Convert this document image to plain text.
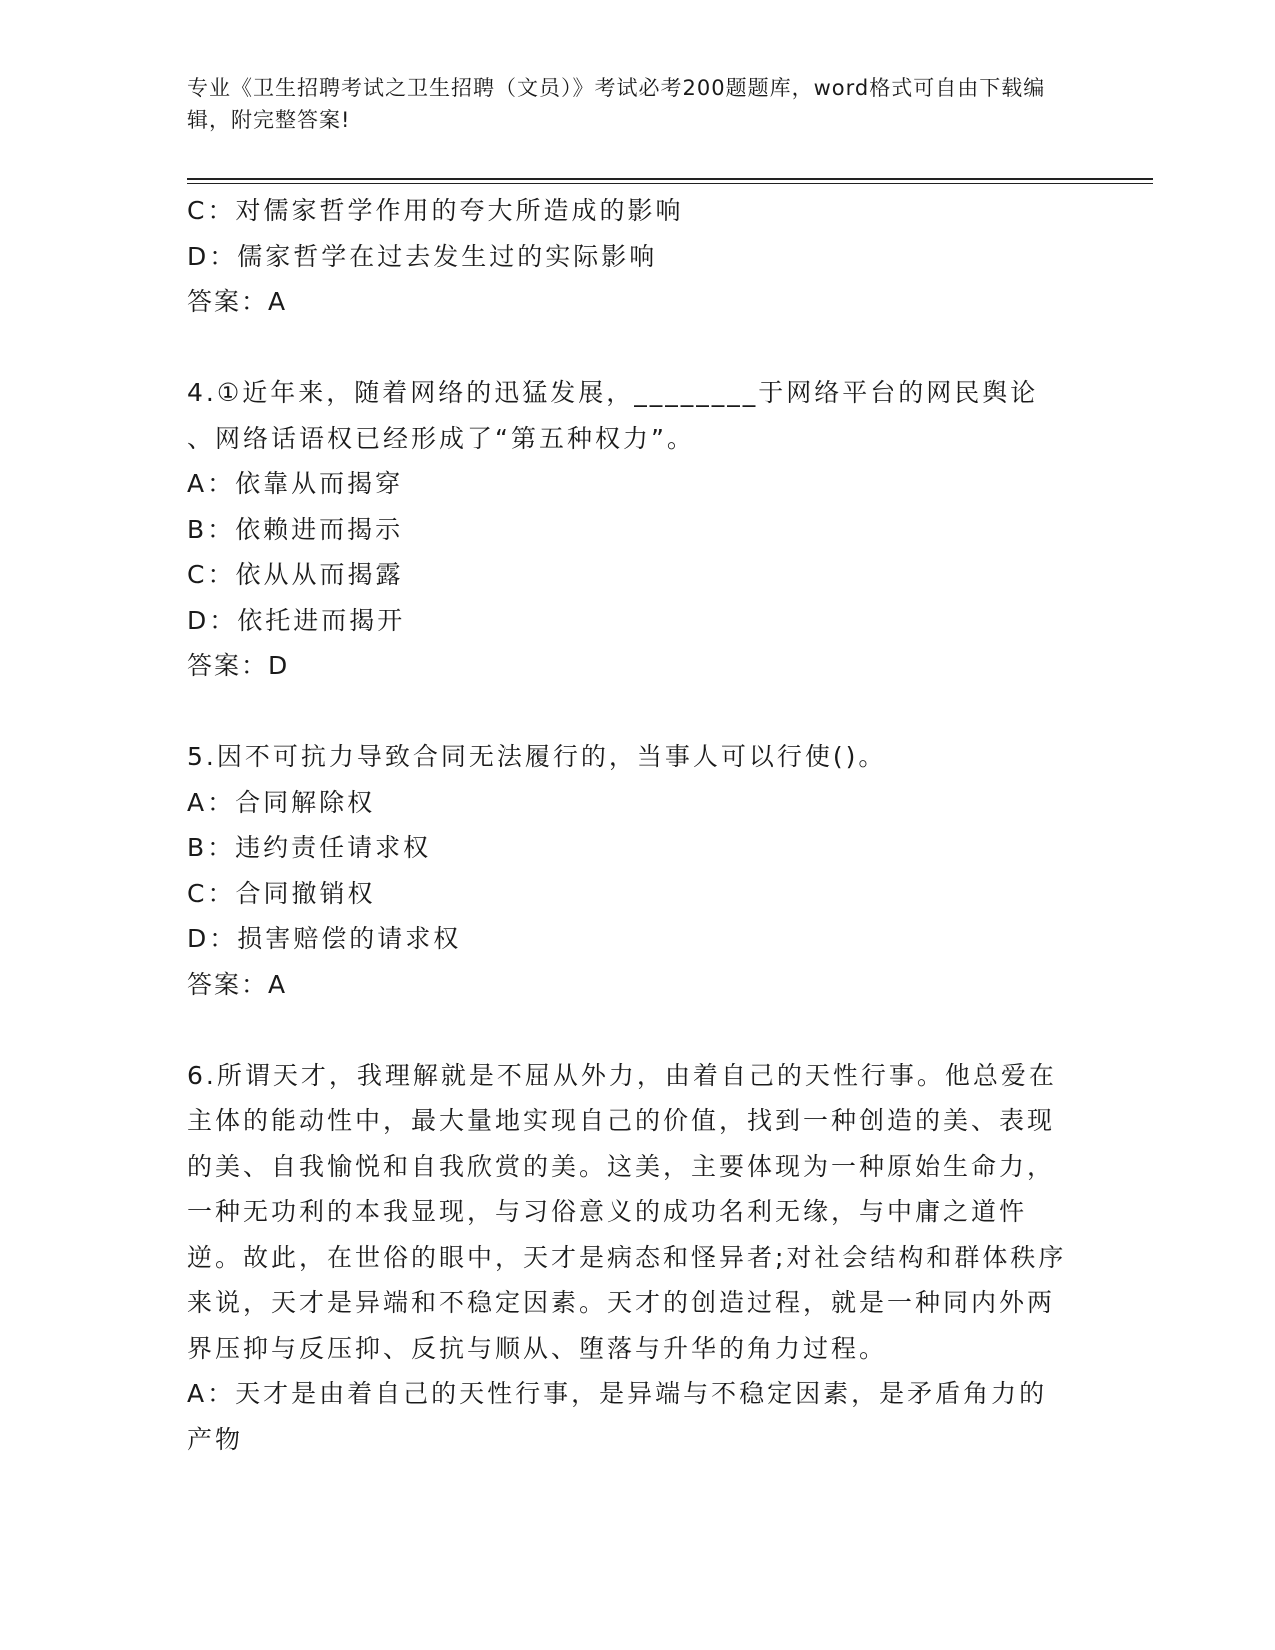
专业《卫生招聘考试之卫生招聘（文员）》考试必考200题题库，word格式可自由下载编辑，附完整答案!
C：对儒家哲学作用的夸大所造成的影响
D：儒家哲学在过去发生过的实际影响
答案：A
4.①近年来，随着网络的迅猛发展，________于网络平台的网民舆论
、网络话语权已经形成了“第五种权力”。
A：依靠从而揭穿
B：依赖进而揭示
C：依从从而揭露
D：依托进而揭开
答案：D
5.因不可抗力导致合同无法履行的，当事人可以行使()。
A：合同解除权
B：违约责任请求权
C：合同撤销权
D：损害赔偿的请求权
答案：A
6.所谓天才，我理解就是不屈从外力，由着自己的天性行事。他总爱在主体的能动性中，最大量地实现自己的价值，找到一种创造的美、表现的美、自我愉悦和自我欣赏的美。这美，主要体现为一种原始生命力，一种无功利的本我显现，与习俗意义的成功名利无缘，与中庸之道忤逆。故此，在世俗的眼中，天才是病态和怪异者;对社会结构和群体秩序来说，天才是异端和不稳定因素。天才的创造过程，就是一种同内外两界压抑与反压抑、反抗与顺从、堕落与升华的角力过程。
A：天才是由着自己的天性行事，是异端与不稳定因素，是矛盾角力的产物
